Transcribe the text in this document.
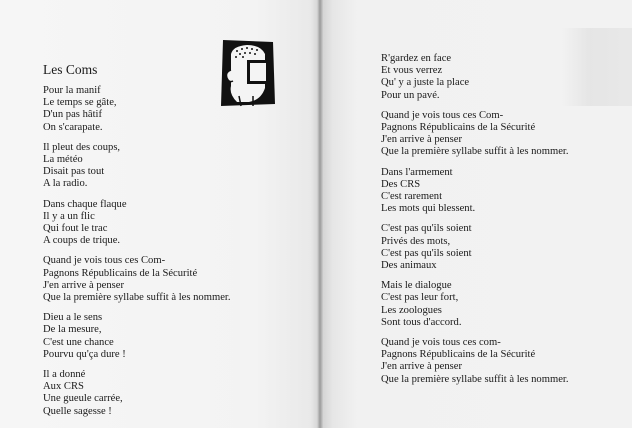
Les Coms
Pour la manif
Le temps se gâte,
D'un pas hâtif
On s'carapate.
Il pleut des coups,
La météo
Disait pas tout
A la radio.
Dans chaque flaque
Il y a un flic
Qui fout le trac
A coups de trique.
Quand je vois tous ces Com-
Pagnons Républicains de la Sécurité
J'en arrive à penser
Que la première syllabe suffit à les nommer.
Dieu a le sens
De la mesure,
C'est une chance
Pourvu qu'ça dure !
Il a donné
Aux CRS
Une gueule carrée,
Quelle sagesse !
R'gardez en face
Et vous verrez
Qu' y a juste la place
Pour un pavé.
Quand je vois tous ces Com-
Pagnons Républicains de la Sécurité
J'en arrive à penser
Que la première syllabe suffit à les nommer.
Dans l'armement
Des CRS
C'est rarement
Les mots qui blessent.
C'est pas qu'ils soient
Privés des mots,
C'est pas qu'ils soient
Des animaux
Mais le dialogue
C'est pas leur fort,
Les zoologues
Sont tous d'accord.
Quand je vois tous ces com-
Pagnons Républicains de la Sécurité
J'en arrive à penser
Que la première syllabe suffit à les nommer.
